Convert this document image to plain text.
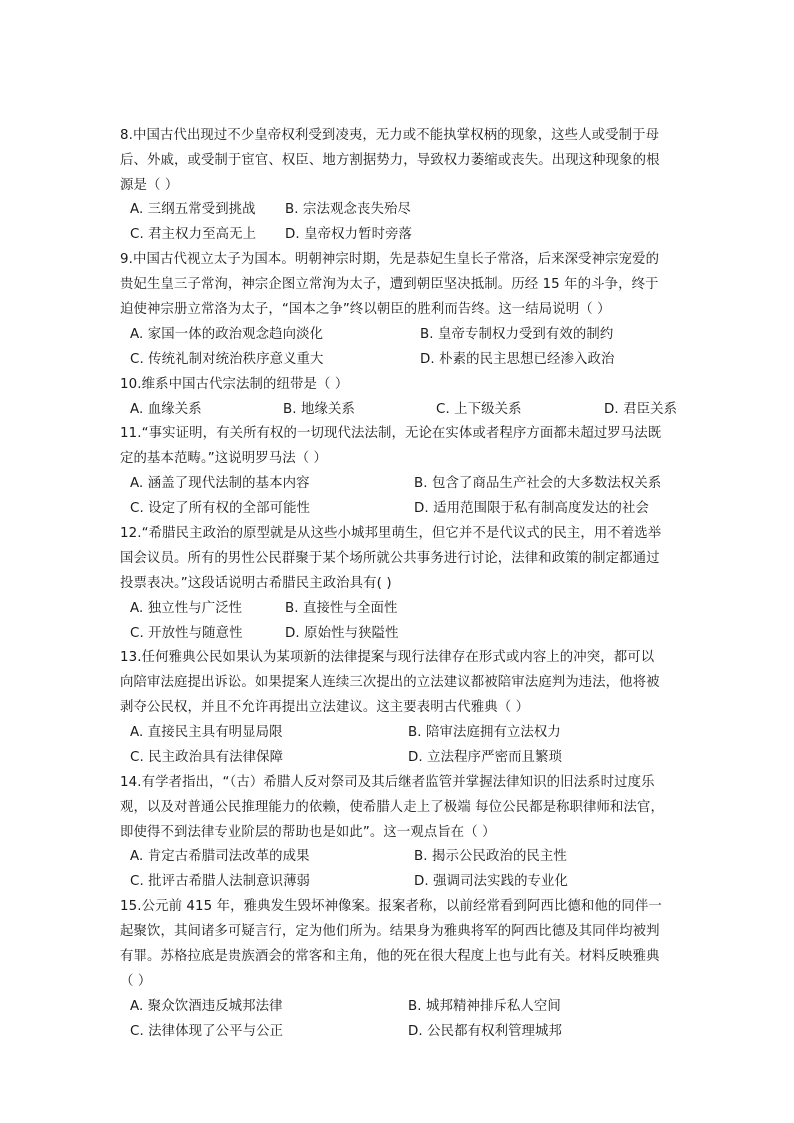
8.中国古代出现过不少皇帝权利受到凌夷，无力或不能执掌权柄的现象，这些人或受制于母
后、外戚，或受制于宦官、权臣、地方割据势力，导致权力萎缩或丧失。出现这种现象的根
源是（ ）
A. 三纲五常受到挑战 B. 宗法观念丧失殆尽
C. 君主权力至高无上 D. 皇帝权力暂时旁落
9.中国古代视立太子为国本。明朝神宗时期，先是恭妃生皇长子常洛，后来深受神宗宠爱的
贵妃生皇三子常洵，神宗企图立常洵为太子，遭到朝臣坚决抵制。历经 15 年的斗争，终于
迫使神宗册立常洛为太子，“国本之争”终以朝臣的胜利而告终。这一结局说明（ ）
A. 家国一体的政治观念趋向淡化	B. 皇帝专制权力受到有效的制约
C. 传统礼制对统治秩序意义重大	D. 朴素的民主思想已经渗入政治
10.维系中国古代宗法制的纽带是（ ）
A. 血缘关系	B. 地缘关系	C. 上下级关系	D. 君臣关系
11.“事实证明，有关所有权的一切现代法法制，无论在实体或者程序方面都未超过罗马法既
定的基本范畴。”这说明罗马法（ ）
A. 涵盖了现代法制的基本内容	B. 包含了商品生产社会的大多数法权关系
C. 设定了所有权的全部可能性	D. 适用范围限于私有制高度发达的社会
12.“希腊民主政治的原型就是从这些小城邦里萌生，但它并不是代议式的民主，用不着选举
国会议员。所有的男性公民群聚于某个场所就公共事务进行讨论，法律和政策的制定都通过
投票表决。”这段话说明古希腊民主政治具有( )
A. 独立性与广泛性	B. 直接性与全面性
C. 开放性与随意性	D. 原始性与狭隘性
13.任何雅典公民如果认为某项新的法律提案与现行法律存在形式或内容上的冲突，都可以
向陪审法庭提出诉讼。如果提案人连续三次提出的立法建议都被陪审法庭判为违法，他将被
剥夺公民权，并且不允许再提出立法建议。这主要表明古代雅典（ ）
A. 直接民主具有明显局限	B. 陪审法庭拥有立法权力
C. 民主政治具有法律保障	D. 立法程序严密而且繁琐
14.有学者指出，“（古）希腊人反对祭司及其后继者监管并掌握法律知识的旧法系时过度乐
观，以及对普通公民推理能力的依赖，使希腊人走上了极端 每位公民都是称职律师和法官，
即使得不到法律专业阶层的帮助也是如此”。这一观点旨在（ ）
A. 肯定古希腊司法改革的成果	B. 揭示公民政治的民主性
C. 批评古希腊人法制意识薄弱	D. 强调司法实践的专业化
15.公元前 415 年，雅典发生毁坏神像案。报案者称，以前经常看到阿西比德和他的同伴一
起聚饮，其间诸多可疑言行，定为他们所为。结果身为雅典将军的阿西比德及其同伴均被判
有罪。苏格拉底是贵族酒会的常客和主角，他的死在很大程度上也与此有关。材料反映雅典
（ ）
A. 聚众饮酒违反城邦法律	B. 城邦精神排斥私人空间
C. 法律体现了公平与公正	D. 公民都有权利管理城邦
